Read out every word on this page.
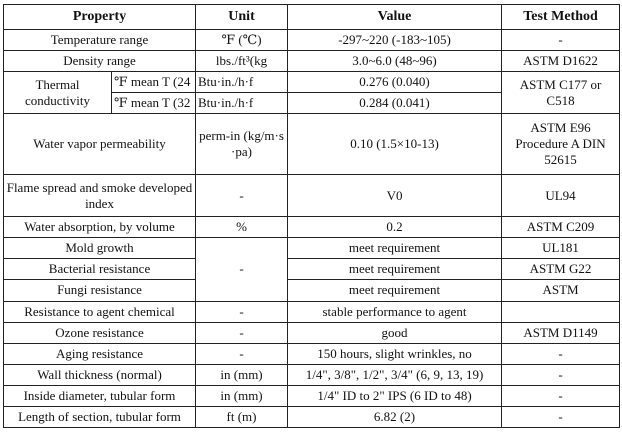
Property		Unit	Value	Test Method
Temperature range		℉ (℃)	-297~220 (-183~105)	-
Density range		lbs./ft³(kg	3.0~6.0 (48~96)	ASTM D1622
Thermal conductivity	℉ mean T (24	Btu·in./h·f	0.276 (0.040)	ASTM C177 or C518
	℉ mean T (32	Btu·in./h·f	0.284 (0.041)	
Water vapor permeability		perm-in (kg/m·s·pa)	0.10 (1.5×10-13)	ASTM E96 Procedure A DIN 52615
Flame spread and smoke developed index		-	V0	UL94
Water absorption, by volume		%	0.2	ASTM C209
Mold growth		-	meet requirement	UL181
Bacterial resistance			meet requirement	ASTM G22
Fungi resistance			meet requirement	ASTM
Resistance to agent chemical		-	stable performance to agent	
Ozone resistance		-	good	ASTM D1149
Aging resistance		-	150 hours, slight wrinkles, no	-
Wall thickness (normal)		in (mm)	1/4", 3/8", 1/2", 3/4" (6, 9, 13, 19)	-
Inside diameter, tubular form		in (mm)	1/4" ID to 2" IPS (6 ID to 48)	-
Length of section, tubular form		ft (m)	6.82 (2)	-
